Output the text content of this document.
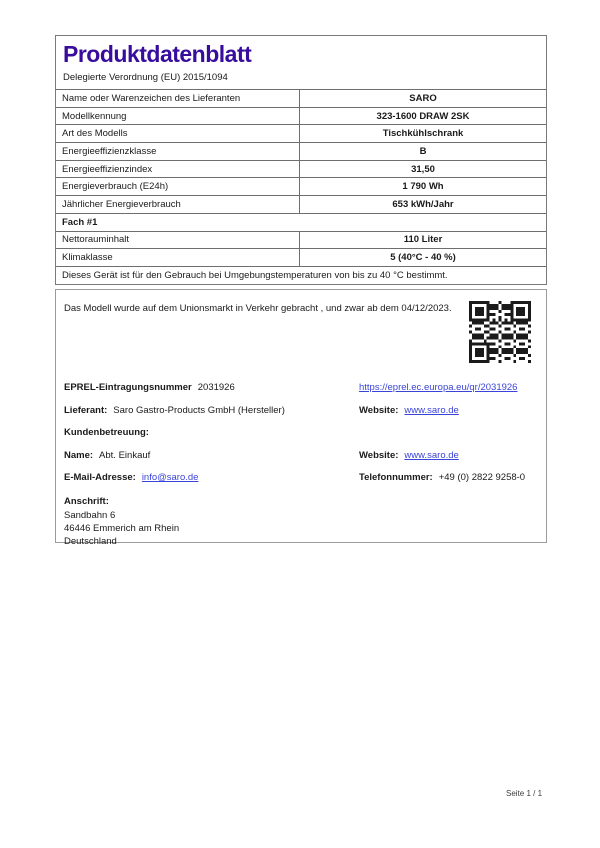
Produktdatenblatt
Delegierte Verordnung (EU) 2015/1094
Name oder Warenzeichen des Lieferanten	SARO
Modellkennung	323-1600 DRAW 2SK
Art des Modells	Tischkühlschrank
Energieeffizienzklasse	B
Energieeffizienzindex	31,50
Energieverbrauch (E24h)	1 790 Wh
Jährlicher Energieverbrauch	653 kWh/Jahr
Fach #1
Nettorauminhalt	110 Liter
Klimaklasse	5 (40°C - 40 %)
Dieses Gerät ist für den Gebrauch bei Umgebungstemperaturen von bis zu 40 °C bestimmt.
Das Modell wurde auf dem Unionsmarkt in Verkehr gebracht , und zwar ab dem 04/12/2023.
EPREL-Eintragungsnummer 2031926	https://eprel.ec.europa.eu/qr/2031926
Lieferant: Saro Gastro-Products GmbH (Hersteller)	Website: www.saro.de
Kundenbetreuung:
Name: Abt. Einkauf	Website: www.saro.de
E-Mail-Adresse: info@saro.de	Telefonnummer: +49 (0) 2822 9258-0
Anschrift:
Sandbahn 6
46446 Emmerich am Rhein
Deutschland
Seite 1 / 1
